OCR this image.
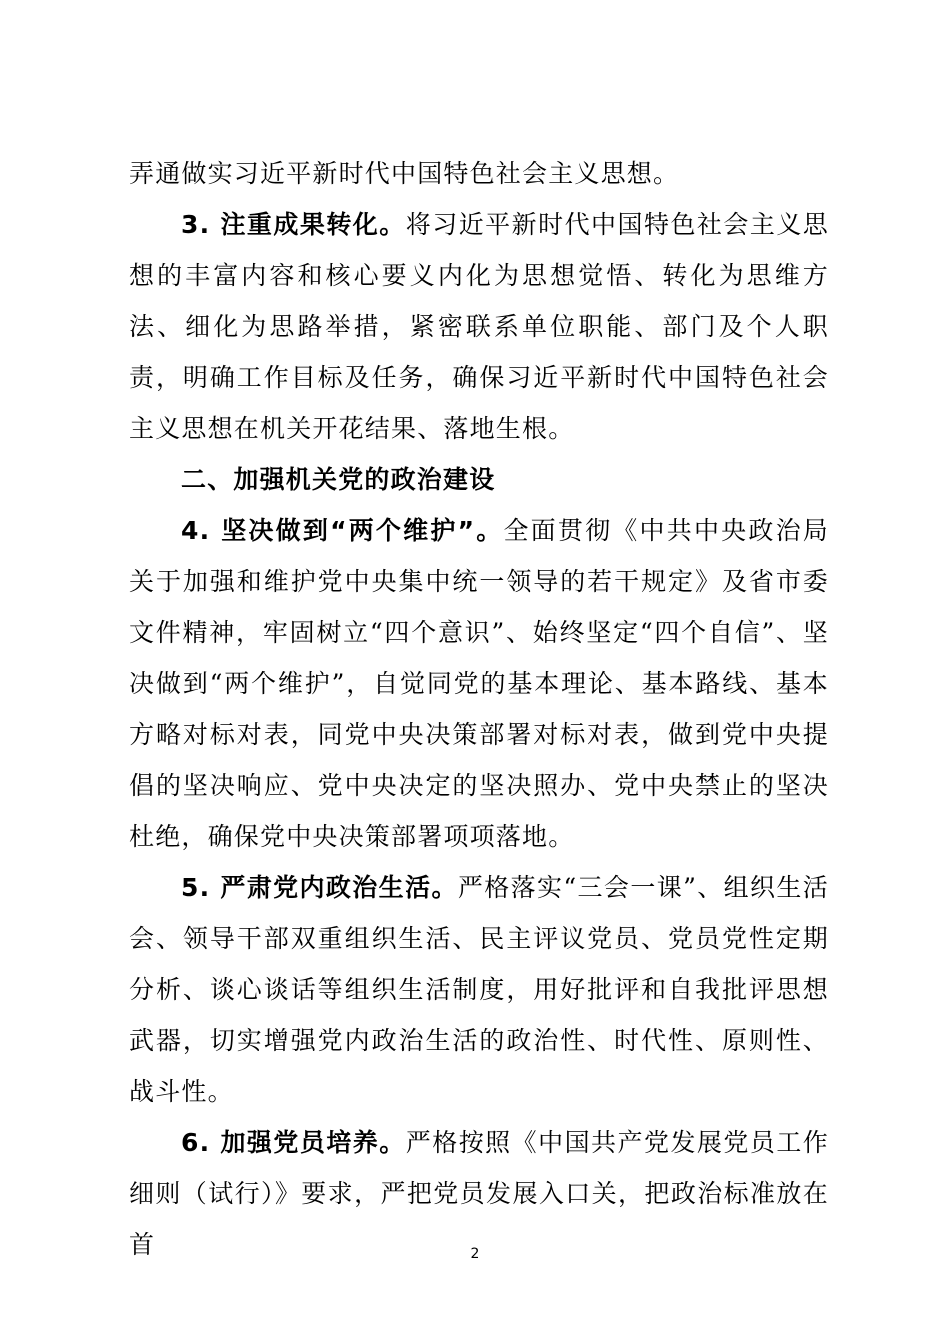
弄通做实习近平新时代中国特色社会主义思想。

3. 注重成果转化。将习近平新时代中国特色社会主义思想的丰富内容和核心要义内化为思想觉悟、转化为思维方法、细化为思路举措，紧密联系单位职能、部门及个人职责，明确工作目标及任务，确保习近平新时代中国特色社会主义思想在机关开花结果、落地生根。

二、加强机关党的政治建设

4. 坚决做到“两个维护”。全面贯彻《中共中央政治局关于加强和维护党中央集中统一领导的若干规定》及省市委文件精神，牢固树立“四个意识”、始终坚定“四个自信”、坚决做到“两个维护”，自觉同党的基本理论、基本路线、基本方略对标对表，同党中央决策部署对标对表，做到党中央提倡的坚决响应、党中央决定的坚决照办、党中央禁止的坚决杜绝，确保党中央决策部署项项落地。

5. 严肃党内政治生活。严格落实“三会一课”、组织生活会、领导干部双重组织生活、民主评议党员、党员党性定期分析、谈心谈话等组织生活制度，用好批评和自我批评思想武器，切实增强党内政治生活的政治性、时代性、原则性、战斗性。

6. 加强党员培养。严格按照《中国共产党发展党员工作细则（试行）》要求，严把党员发展入口关，把政治标准放在首	2
